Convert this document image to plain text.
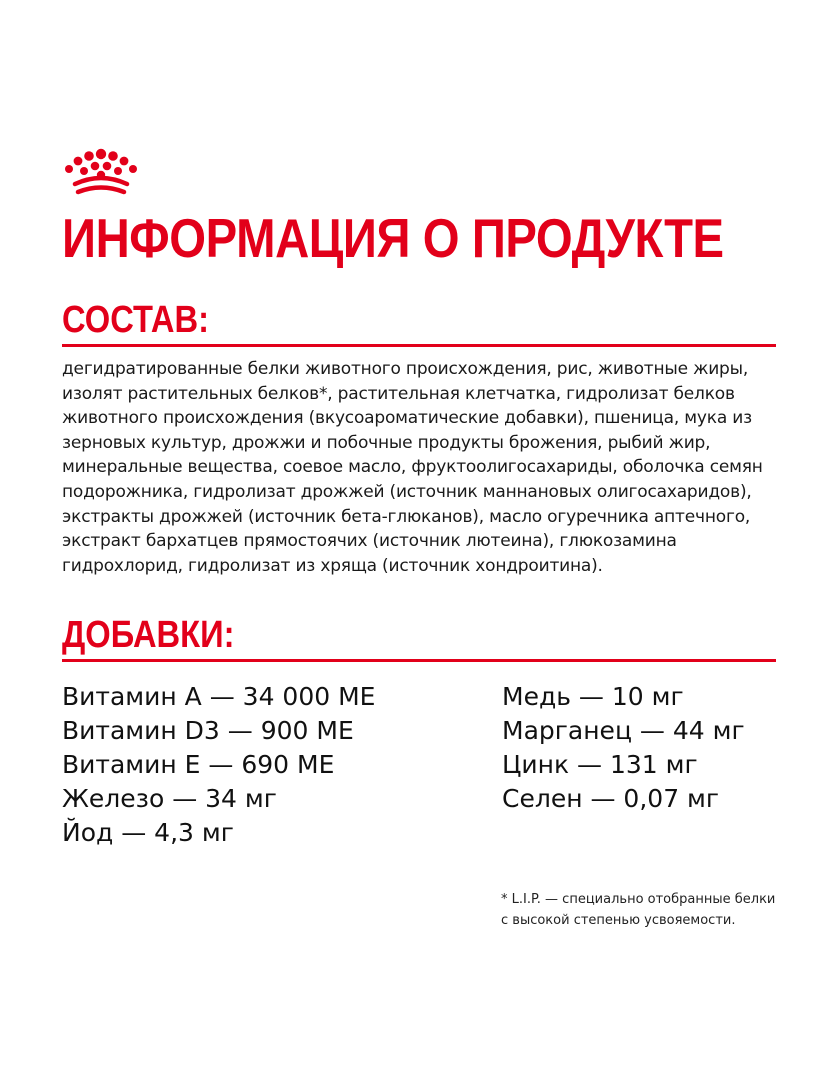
ИНФОРМАЦИЯ О ПРОДУКТЕ
СОСТАВ:

дегидратированные белки животного происхождения, рис, животные жиры, изолят растительных белков*, растительная клетчатка, гидролизат белков животного происхождения (вкусоароматические добавки), пшеница, мука из зерновых культур, дрожжи и побочные продукты брожения, рыбий жир, минеральные вещества, соевое масло, фруктоолигосахариды, оболочка семян подорожника, гидролизат дрожжей (источник маннановых олигосахаридов), экстракты дрожжей (источник бета-глюканов), масло огуречника аптечного, экстракт бархатцев прямостоячих (источник лютеина), глюкозамина гидрохлорид, гидролизат из хряща (источник хондроитина).

ДОБАВКИ:
Витамин А — 34 000 МЕ
Витамин D3 — 900 МЕ
Витамин Е — 690 МЕ
Железо — 34 мг
Йод — 4,3 мг
Медь — 10 мг
Марганец — 44 мг
Цинк — 131 мг
Селен — 0,07 мг

* L.I.P. — специально отобранные белки
с высокой степенью усвояемости.
